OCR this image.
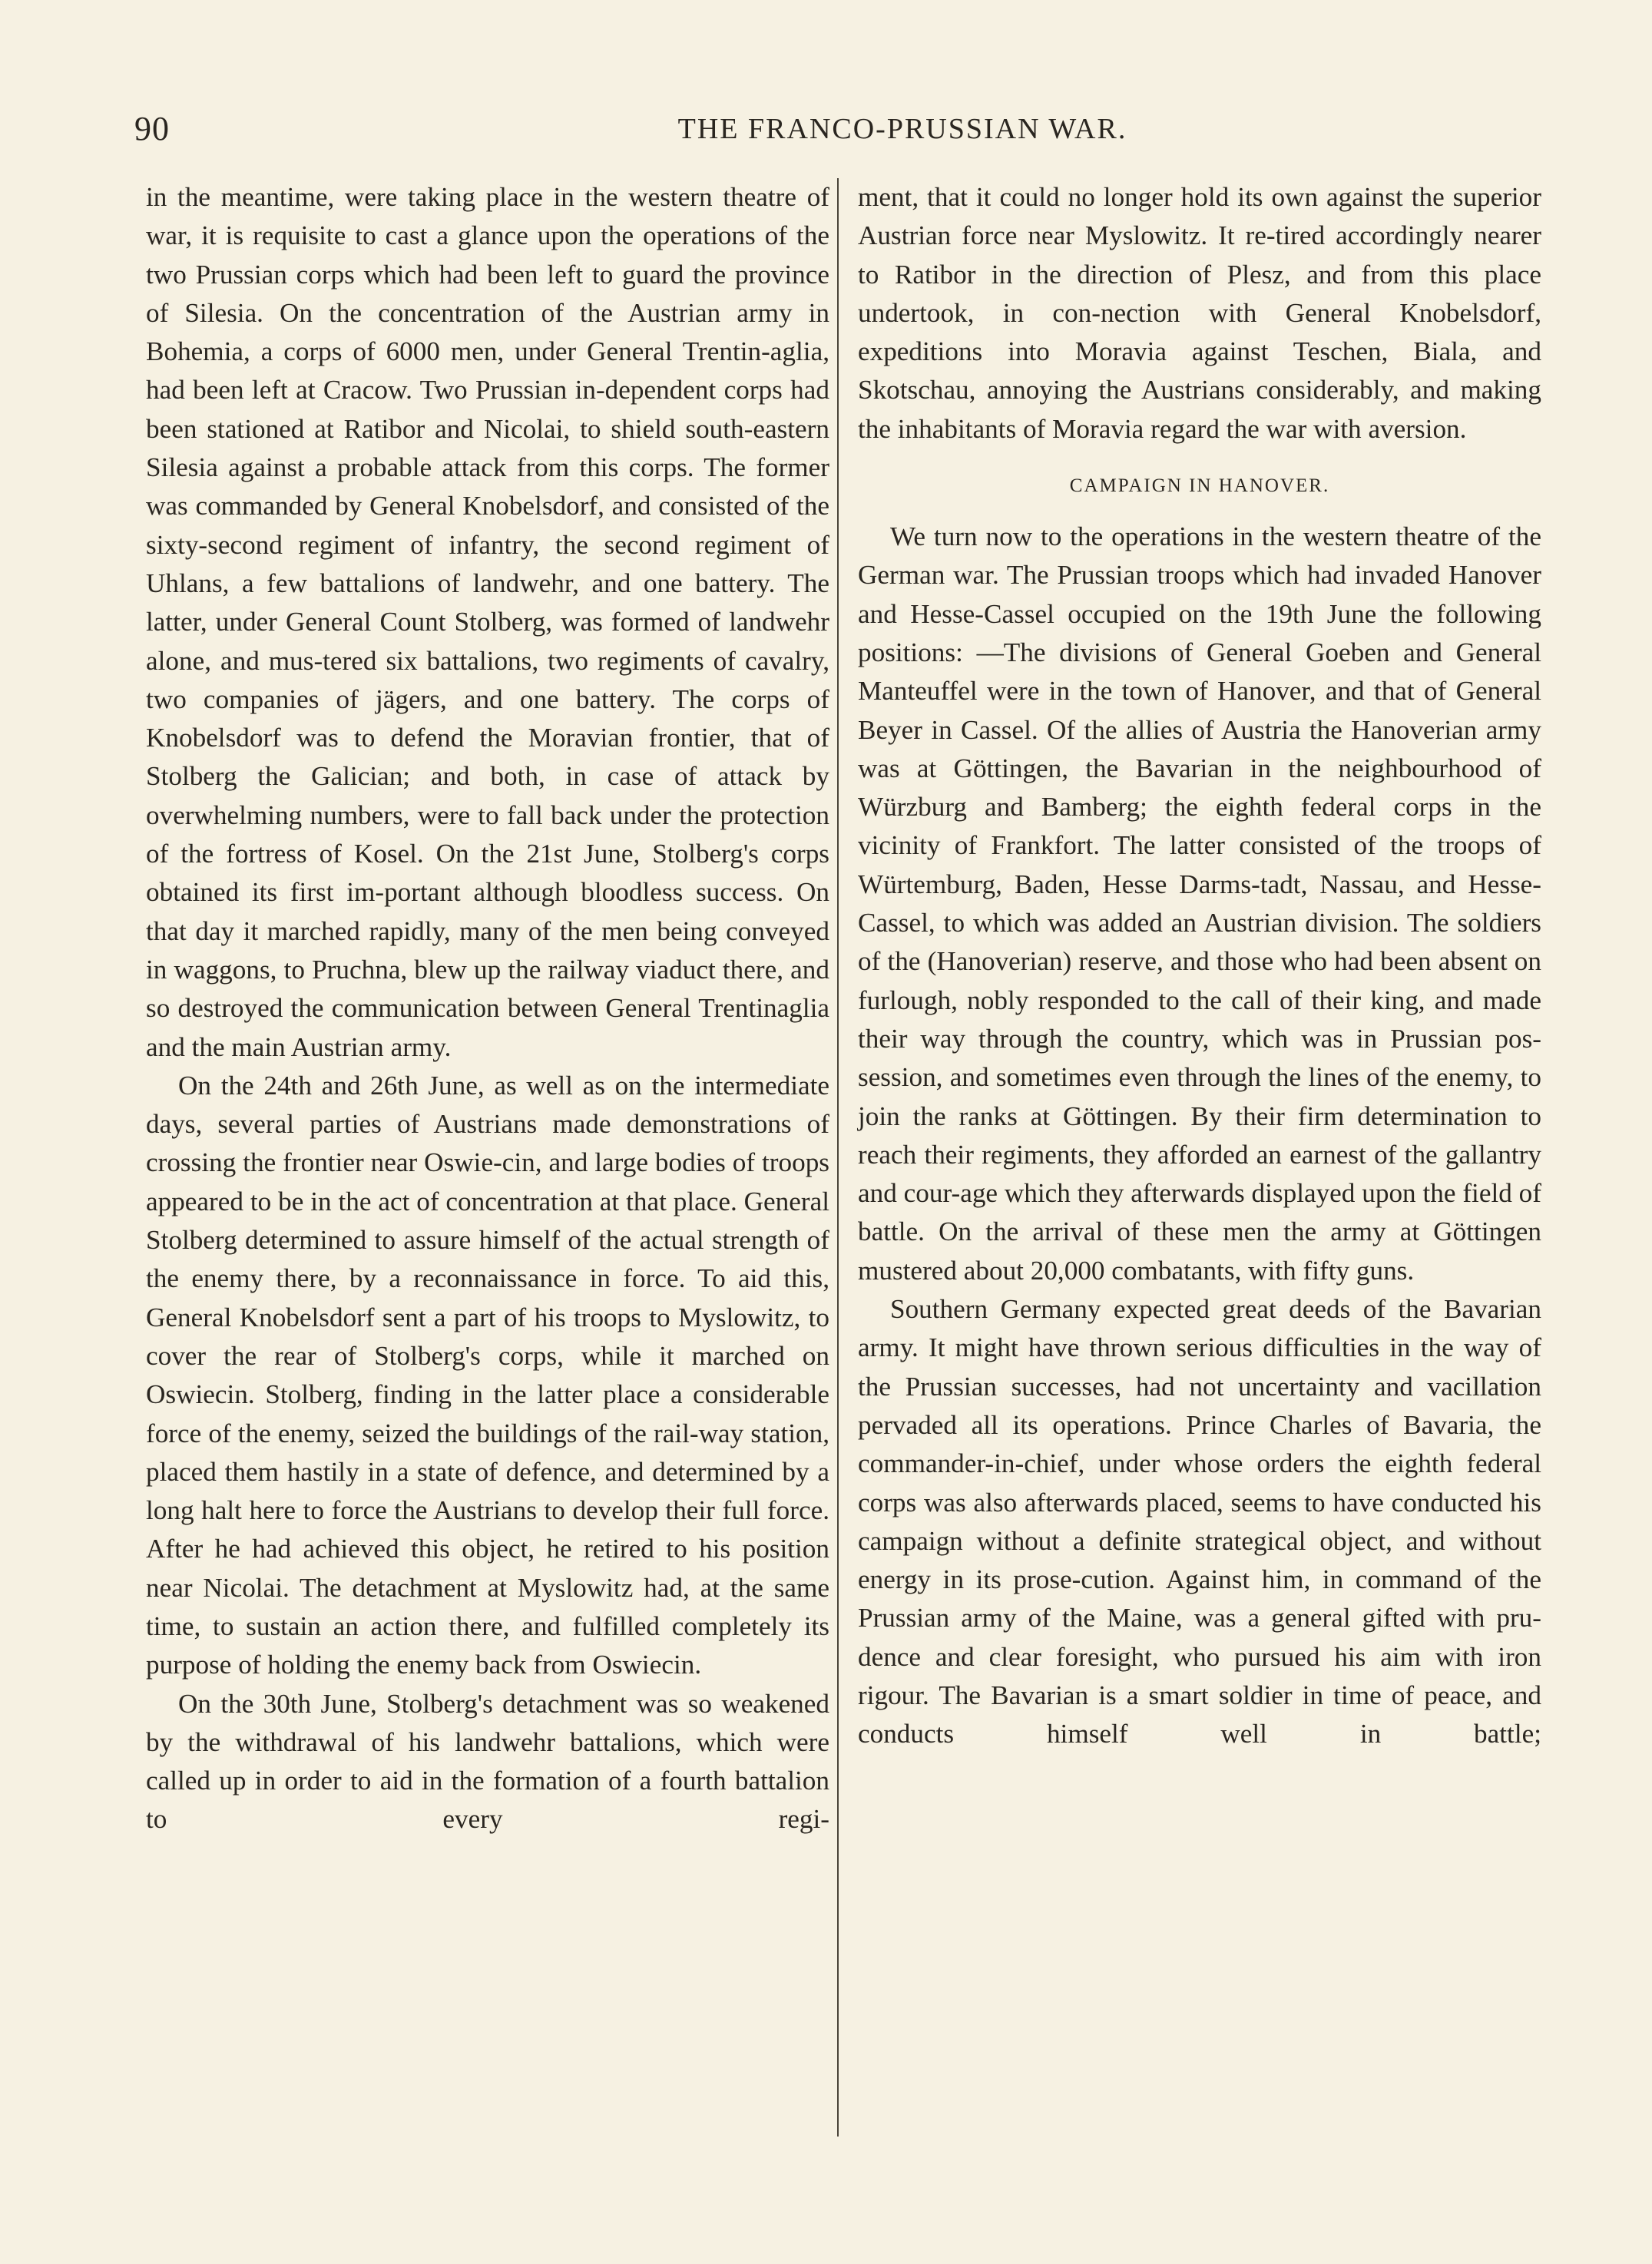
90	THE FRANCO-PRUSSIAN WAR.

in the meantime, were taking place in the western theatre of war, it is requisite to cast a glance upon the operations of the two Prussian corps which had been left to guard the province of Silesia. On the concentration of the Austrian army in Bohemia, a corps of 6000 men, under General Trentin-aglia, had been left at Cracow. Two Prussian in-dependent corps had been stationed at Ratibor and Nicolai, to shield south-eastern Silesia against a probable attack from this corps. The former was commanded by General Knobelsdorf, and consisted of the sixty-second regiment of infantry, the second regiment of Uhlans, a few battalions of landwehr, and one battery. The latter, under General Count Stolberg, was formed of landwehr alone, and mus-tered six battalions, two regiments of cavalry, two companies of jägers, and one battery. The corps of Knobelsdorf was to defend the Moravian frontier, that of Stolberg the Galician; and both, in case of attack by overwhelming numbers, were to fall back under the protection of the fortress of Kosel. On the 21st June, Stolberg's corps obtained its first im-portant although bloodless success. On that day it marched rapidly, many of the men being conveyed in waggons, to Pruchna, blew up the railway viaduct there, and so destroyed the communication between General Trentinaglia and the main Austrian army.

On the 24th and 26th June, as well as on the intermediate days, several parties of Austrians made demonstrations of crossing the frontier near Oswie-cin, and large bodies of troops appeared to be in the act of concentration at that place. General Stolberg determined to assure himself of the actual strength of the enemy there, by a reconnaissance in force. To aid this, General Knobelsdorf sent a part of his troops to Myslowitz, to cover the rear of Stolberg's corps, while it marched on Oswiecin. Stolberg, finding in the latter place a considerable force of the enemy, seized the buildings of the rail-way station, placed them hastily in a state of defence, and determined by a long halt here to force the Austrians to develop their full force. After he had achieved this object, he retired to his position near Nicolai. The detachment at Myslowitz had, at the same time, to sustain an action there, and fulfilled completely its purpose of holding the enemy back from Oswiecin.

On the 30th June, Stolberg's detachment was so weakened by the withdrawal of his landwehr battalions, which were called up in order to aid in the formation of a fourth battalion to every regi-

ment, that it could no longer hold its own against the superior Austrian force near Myslowitz. It re-tired accordingly nearer to Ratibor in the direction of Plesz, and from this place undertook, in con-nection with General Knobelsdorf, expeditions into Moravia against Teschen, Biala, and Skotschau, annoying the Austrians considerably, and making the inhabitants of Moravia regard the war with aversion.

CAMPAIGN IN HANOVER.

We turn now to the operations in the western theatre of the German war. The Prussian troops which had invaded Hanover and Hesse-Cassel occupied on the 19th June the following positions: —The divisions of General Goeben and General Manteuffel were in the town of Hanover, and that of General Beyer in Cassel. Of the allies of Austria the Hanoverian army was at Göttingen, the Bavarian in the neighbourhood of Würzburg and Bamberg; the eighth federal corps in the vicinity of Frankfort. The latter consisted of the troops of Würtemburg, Baden, Hesse Darms-tadt, Nassau, and Hesse-Cassel, to which was added an Austrian division. The soldiers of the (Hanoverian) reserve, and those who had been absent on furlough, nobly responded to the call of their king, and made their way through the country, which was in Prussian pos-session, and sometimes even through the lines of the enemy, to join the ranks at Göttingen. By their firm determination to reach their regiments, they afforded an earnest of the gallantry and cour-age which they afterwards displayed upon the field of battle. On the arrival of these men the army at Göttingen mustered about 20,000 combatants, with fifty guns.

Southern Germany expected great deeds of the Bavarian army. It might have thrown serious difficulties in the way of the Prussian successes, had not uncertainty and vacillation pervaded all its operations. Prince Charles of Bavaria, the commander-in-chief, under whose orders the eighth federal corps was also afterwards placed, seems to have conducted his campaign without a definite strategical object, and without energy in its prose-cution. Against him, in command of the Prussian army of the Maine, was a general gifted with pru-dence and clear foresight, who pursued his aim with iron rigour. The Bavarian is a smart soldier in time of peace, and conducts himself well in battle;
